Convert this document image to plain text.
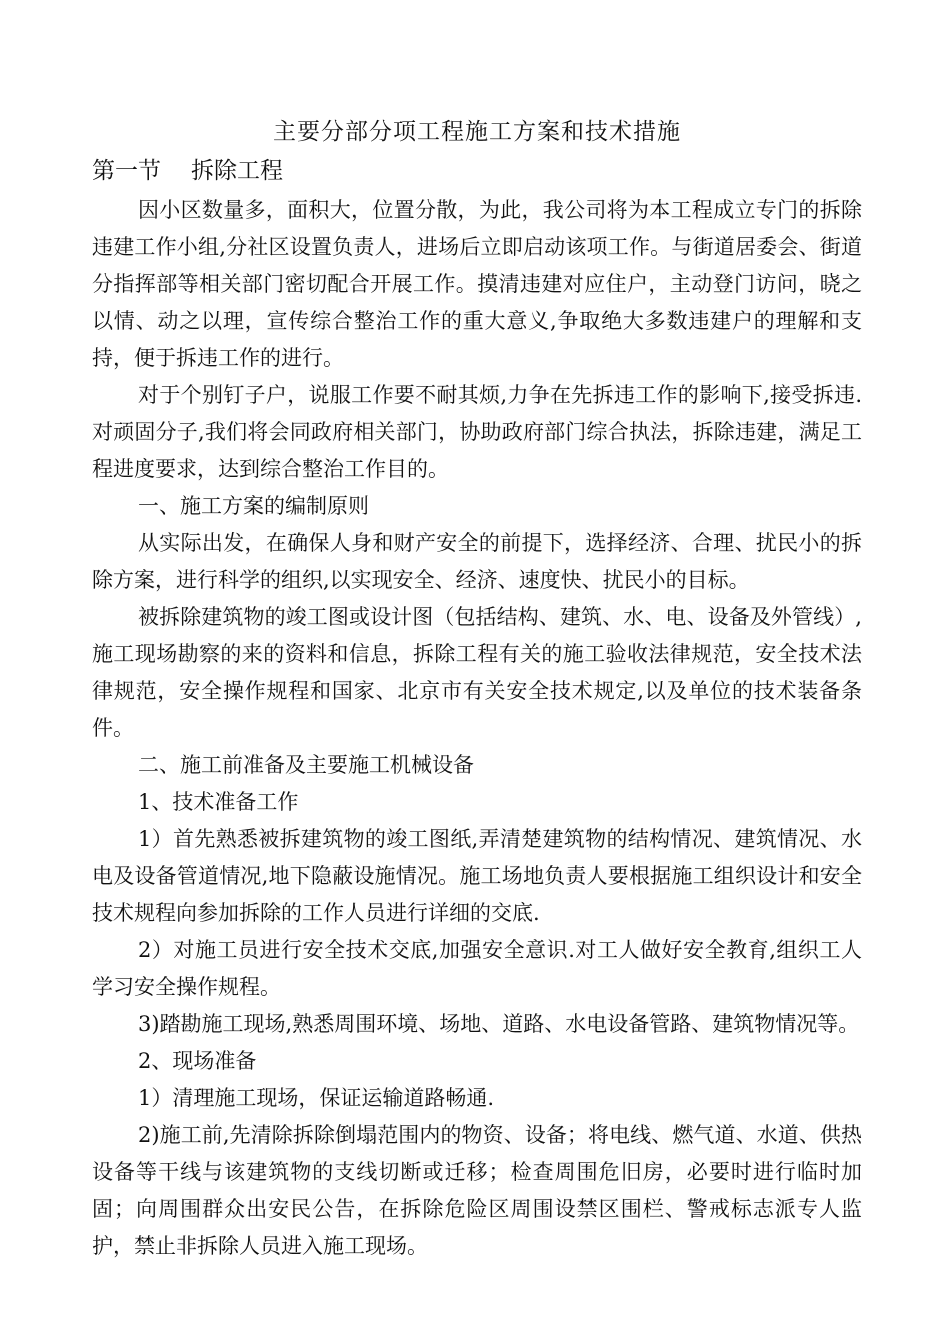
主要分部分项工程施工方案和技术措施
第一节 拆除工程

因小区数量多，面积大，位置分散，为此，我公司将为本工程成立专门的拆除违建工作小组,分社区设置负责人，进场后立即启动该项工作。与街道居委会、街道分指挥部等相关部门密切配合开展工作。摸清违建对应住户，主动登门访问，晓之以情、动之以理，宣传综合整治工作的重大意义,争取绝大多数违建户的理解和支持，便于拆违工作的进行。

对于个别钉子户，说服工作要不耐其烦,力争在先拆违工作的影响下,接受拆违.对顽固分子,我们将会同政府相关部门，协助政府部门综合执法，拆除违建，满足工程进度要求，达到综合整治工作目的。

一、施工方案的编制原则

从实际出发，在确保人身和财产安全的前提下，选择经济、合理、扰民小的拆除方案，进行科学的组织,以实现安全、经济、速度快、扰民小的目标。

被拆除建筑物的竣工图或设计图（包括结构、建筑、水、电、设备及外管线）,施工现场勘察的来的资料和信息，拆除工程有关的施工验收法律规范，安全技术法律规范，安全操作规程和国家、北京市有关安全技术规定,以及单位的技术装备条件。

二、施工前准备及主要施工机械设备

1、技术准备工作

1）首先熟悉被拆建筑物的竣工图纸,弄清楚建筑物的结构情况、建筑情况、水电及设备管道情况,地下隐蔽设施情况。施工场地负责人要根据施工组织设计和安全技术规程向参加拆除的工作人员进行详细的交底.

2）对施工员进行安全技术交底,加强安全意识.对工人做好安全教育,组织工人学习安全操作规程。

3)踏勘施工现场,熟悉周围环境、场地、道路、水电设备管路、建筑物情况等。

2、现场准备

1）清理施工现场，保证运输道路畅通.

2)施工前,先清除拆除倒塌范围内的物资、设备；将电线、燃气道、水道、供热设备等干线与该建筑物的支线切断或迁移；检查周围危旧房，必要时进行临时加固；向周围群众出安民公告，在拆除危险区周围设禁区围栏、警戒标志派专人监护，禁止非拆除人员进入施工现场。
